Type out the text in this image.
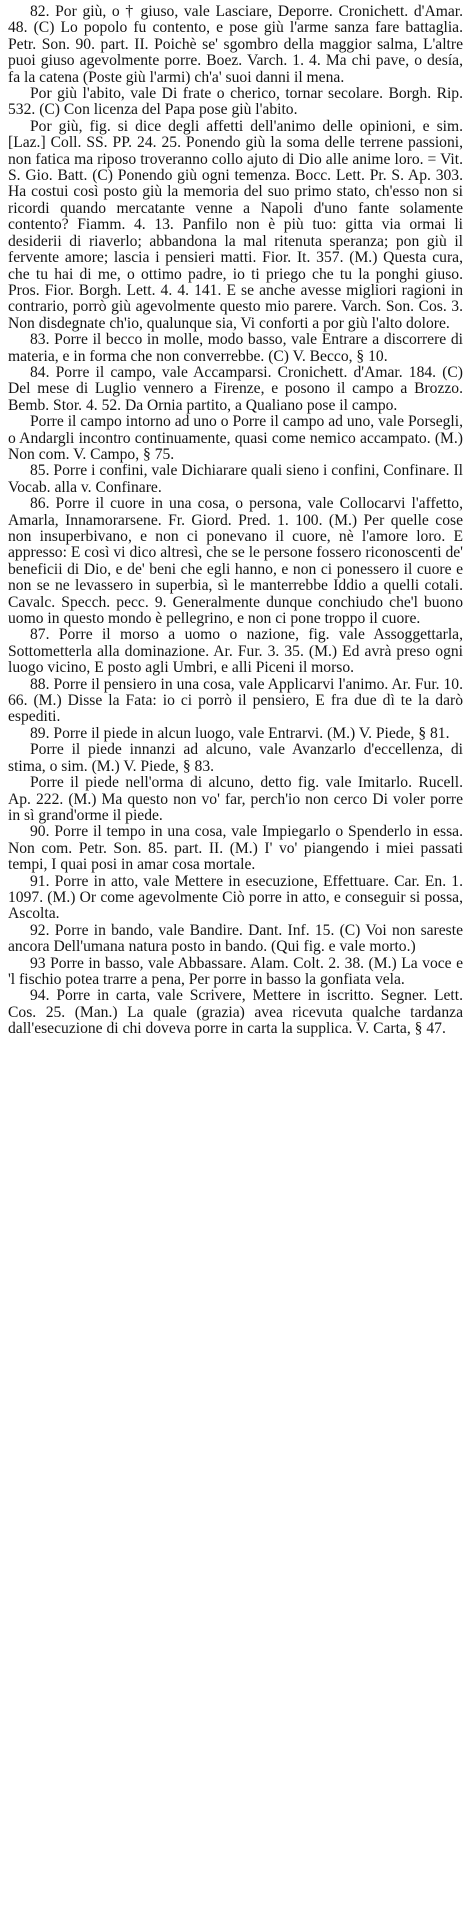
82. Por giù, o † giuso, vale Lasciare, Deporre. Cronichett. d'Amar. 48. (C) Lo popolo fu contento, e pose giù l'arme sanza fare battaglia. Petr. Son. 90. part. II. Poichè se' sgombro della maggior salma, L'altre puoi giuso agevolmente porre. Boez. Varch. 1. 4. Ma chi pave, o desía, fa la catena (Poste giù l'armi) ch'a' suoi danni il mena.

Por giù l'abito, vale Di frate o cherico, tornar secolare. Borgh. Rip. 532. (C) Con licenza del Papa pose giù l'abito.

Por giù, fig. si dice degli affetti dell'animo delle opinioni, e sim. [Laz.] Coll. SS. PP. 24. 25. Ponendo giù la soma delle terrene passioni, non fatica ma riposo troveranno collo ajuto di Dio alle anime loro. = Vit. S. Gio. Batt. (C) Ponendo giù ogni temenza. Bocc. Lett. Pr. S. Ap. 303. Ha costui così posto giù la memoria del suo primo stato, ch'esso non si ricordi quando mercatante venne a Napoli d'uno fante solamente contento? Fiamm. 4. 13. Panfilo non è più tuo: gitta via ormai li desiderii di riaverlo; abbandona la mal ritenuta speranza; pon giù il fervente amore; lascia i pensieri matti. Fior. It. 357. (M.) Questa cura, che tu hai di me, o ottimo padre, io ti priego che tu la ponghi giuso. Pros. Fior. Borgh. Lett. 4. 4. 141. E se anche avesse migliori ragioni in contrario, porrò giù agevolmente questo mio parere. Varch. Son. Cos. 3. Non disdegnate ch'io, qualunque sia, Vi conforti a por giù l'alto dolore.

83. Porre il becco in molle, modo basso, vale Entrare a discorrere di materia, e in forma che non converrebbe. (C) V. Becco, § 10.

84. Porre il campo, vale Accamparsi. Cronichett. d'Amar. 184. (C) Del mese di Luglio vennero a Firenze, e posono il campo a Brozzo. Bemb. Stor. 4. 52. Da Ornia partito, a Qualiano pose il campo.

Porre il campo intorno ad uno o Porre il campo ad uno, vale Porsegli, o Andargli incontro continuamente, quasi come nemico accampato. (M.) Non com. V. Campo, § 75.

85. Porre i confini, vale Dichiarare quali sieno i confini, Confinare. Il Vocab. alla v. Confinare.

86. Porre il cuore in una cosa, o persona, vale Collocarvi l'affetto, Amarla, Innamorarsene. Fr. Giord. Pred. 1. 100. (M.) Per quelle cose non insuperbivano, e non ci ponevano il cuore, nè l'amore loro. E appresso: E così vi dico altresì, che se le persone fossero riconoscenti de' beneficii di Dio, e de' beni che egli hanno, e non ci ponessero il cuore e non se ne levassero in superbia, sì le manterrebbe Iddio a quelli cotali. Cavalc. Specch. pecc. 9. Generalmente dunque conchiudo che'l buono uomo in questo mondo è pellegrino, e non ci pone troppo il cuore.

87. Porre il morso a uomo o nazione, fig. vale Assoggettarla, Sottometterla alla dominazione. Ar. Fur. 3. 35. (M.) Ed avrà preso ogni luogo vicino, E posto agli Umbri, e alli Piceni il morso.

88. Porre il pensiero in una cosa, vale Applicarvi l'animo. Ar. Fur. 10. 66. (M.) Disse la Fata: io ci porrò il pensiero, E fra due dì te la darò espediti.

89. Porre il piede in alcun luogo, vale Entrarvi. (M.) V. Piede, § 81.

Porre il piede innanzi ad alcuno, vale Avanzarlo d'eccellenza, di stima, o sim. (M.) V. Piede, § 83.

Porre il piede nell'orma di alcuno, detto fig. vale Imitarlo. Rucell. Ap. 222. (M.) Ma questo non vo' far, perch'io non cerco Di voler porre in sì grand'orme il piede.

90. Porre il tempo in una cosa, vale Impiegarlo o Spenderlo in essa. Non com. Petr. Son. 85. part. II. (M.) I' vo' piangendo i miei passati tempi, I quai posi in amar cosa mortale.

91. Porre in atto, vale Mettere in esecuzione, Effettuare. Car. En. 1. 1097. (M.) Or come agevolmente Ciò porre in atto, e conseguir si possa, Ascolta.

92. Porre in bando, vale Bandire. Dant. Inf. 15. (C) Voi non sareste ancora Dell'umana natura posto in bando. (Qui fig. e vale morto.)

93 Porre in basso, vale Abbassare. Alam. Colt. 2. 38. (M.) La voce e 'l fischio potea trarre a pena, Per porre in basso la gonfiata vela.

94. Porre in carta, vale Scrivere, Mettere in iscritto. Segner. Lett. Cos. 25. (Man.) La quale (grazia) avea ricevuta qualche tardanza dall'esecuzione di chi doveva porre in carta la supplica. V. Carta, § 47.
